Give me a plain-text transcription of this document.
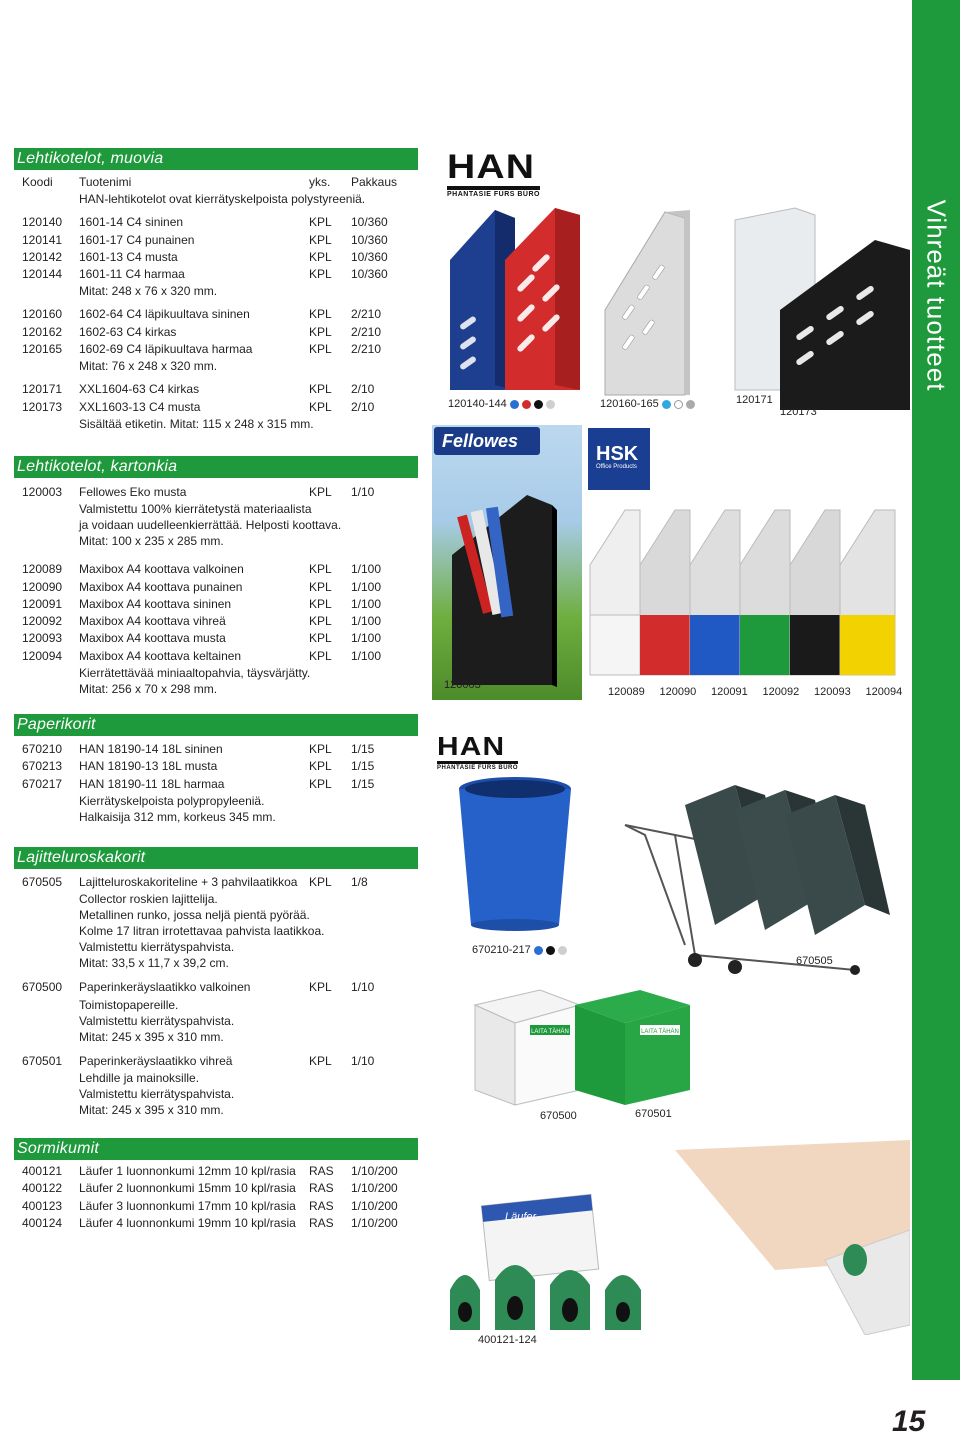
Vihreät tuotteet
15
Lehtikotelot, muovia
Koodi Tuotenimi	yks. Pakkaus
HAN-lehtikotelot ovat kierrätyskelpoista polystyreeniä.
120140 1601-14 C4 sininen	KPL 10/360
120141 1601-17 C4 punainen	KPL 10/360
120142 1601-13 C4 musta	KPL 10/360
120144 1601-11 C4 harmaa	KPL 10/360
Mitat: 248 x 76 x 320 mm.
120160 1602-64 C4 läpikuultava sininen	KPL 2/210
120162 1602-63 C4 kirkas	KPL 2/210
120165 1602-69 C4 läpikuultava harmaa	KPL 2/210
Mitat: 76 x 248 x 320 mm.
120171 XXL1604-63 C4 kirkas	KPL 2/10
120173 XXL1603-13 C4 musta	KPL 2/10
Sisältää etiketin. Mitat: 115 x 248 x 315 mm.
Lehtikotelot, kartonkia
120003 Fellowes Eko musta	KPL 1/10
Valmistettu 100% kierrätetystä materiaalista
ja voidaan uudelleenkierrättää. Helposti koottava.
Mitat: 100 x 235 x 285 mm.
120089 Maxibox A4 koottava valkoinen	KPL 1/100
120090 Maxibox A4 koottava punainen	KPL 1/100
120091 Maxibox A4 koottava sininen	KPL 1/100
120092 Maxibox A4 koottava vihreä	KPL 1/100
120093 Maxibox A4 koottava musta	KPL 1/100
120094 Maxibox A4 koottava keltainen	KPL 1/100
Kierrätettävää miniaaltopahvia, täysvärjätty.
Mitat: 256 x 70 x 298 mm.
Paperikorit
670210 HAN 18190-14 18L sininen	KPL 1/15
670213 HAN 18190-13 18L musta	KPL 1/15
670217 HAN 18190-11 18L harmaa	KPL 1/15
Kierrätyskelpoista polypropyleeniä.
Halkaisija 312 mm, korkeus 345 mm.
Lajitteluroskakorit
670505 Lajitteluroskakoriteline + 3 pahvilaatikkoa KPL 1/8
Collector roskien lajittelija.
Metallinen runko, jossa neljä pientä pyörää.
Kolme 17 litran irrotettavaa pahvista laatikkoa.
Valmistettu kierrätyspahvista.
Mitat: 33,5 x 11,7 x 39,2 cm.
670500 Paperinkeräyslaatikko valkoinen	KPL 1/10
Toimistopapereille.
Valmistettu kierrätyspahvista.
Mitat: 245 x 395 x 310 mm.
670501 Paperinkeräyslaatikko vihreä	KPL 1/10
Lehdille ja mainoksille.
Valmistettu kierrätyspahvista.
Mitat: 245 x 395 x 310 mm.
Sormikumit
400121 Läufer 1 luonnonkumi 12mm 10 kpl/rasia RAS 1/10/200
400122 Läufer 2 luonnonkumi 15mm 10 kpl/rasia RAS 1/10/200
400123 Läufer 3 luonnonkumi 17mm 10 kpl/rasia RAS 1/10/200
400124 Läufer 4 luonnonkumi 19mm 10 kpl/rasia RAS 1/10/200
HAN
PHANTASIE FÜRS BÜRO
120140-144	120160-165	120171
120173
Fellowes
120003
HSK
Office Products
120089 120090 120091 120092 120093 120094
HAN
PHANTASIE FÜRS BÜRO
670210-217
670505
LAITA TÄHÄN	LAITA TÄHÄN
670500	670501
Läufer
400121-124
